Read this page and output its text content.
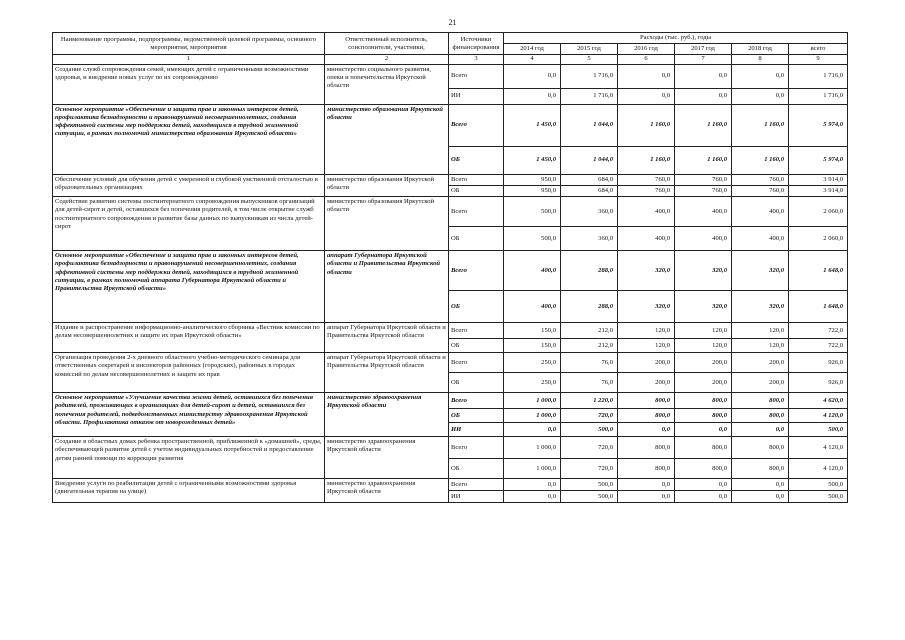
21
Наименование программы, подпрограммы, ведомственной целевой программы, основного мероприятия, мероприятия	Ответственный исполнитель, соисполнители, участники,	Источники финансирования	Расходы (тыс. руб.), годы					
			2014 год	2015 год	2016 год	2017 год	2018 год	всего
1	2	3	4	5	6	7	8	9
Создание служб сопровождения семей, имеющих детей с ограниченными возможностями здоровья, и внедрение новых услуг по их сопровождению	министерство социального развития, опеки и попечительства Иркутской области	Всего	0,0	1 716,0	0,0	0,0	0,0	1 716,0
		ИИ	0,0	1 716,0	0,0	0,0	0,0	1 716,0
Основное мероприятие «Обеспечение и защита прав и законных интересов детей, профилактика безнадзорности и правонарушений несовершеннолетних, создания эффективной системы мер поддержки детей, находящихся в трудной жизненной ситуации, в рамках полномочий министерства образования Иркутской области»	министерство образования Иркутской области	Всего	1 450,0	1 044,0	1 160,0	1 160,0	1 160,0	5 974,0
		ОБ	1 450,0	1 044,0	1 160,0	1 160,0	1 160,0	5 974,0
Обеспечение условий для обучения детей с умеренной и глубокой умственной отсталостью в образовательных организациях	министерство образования Иркутской области	Всего	950,0	684,0	760,0	760,0	760,0	3 914,0
		ОБ	950,0	684,0	760,0	760,0	760,0	3 914,0
Содействие развитию системы постинтернатного сопровождения выпускников организаций для детей-сирот и детей, оставшихся без попечения родителей, в том числе открытие служб постинтернатного сопровождения и развитие базы данных по выпускникам из числа детей-сирот	министерство образования Иркутской области	Всего	500,0	360,0	400,0	400,0	400,0	2 060,0
		ОБ	500,0	360,0	400,0	400,0	400,0	2 060,0
Основное мероприятие «Обеспечение и защита прав и законных интересов детей, профилактика безнадзорности и правонарушений несовершеннолетних, создания эффективной системы мер поддержки детей, находящихся в трудной жизненной ситуации, в рамках полномочий аппарата Губернатора Иркутской области и Правительства Иркутской области»	аппарат Губернатора Иркутской области и Правительства Иркутской области	Всего	400,0	288,0	320,0	320,0	320,0	1 648,0
		ОБ	400,0	288,0	320,0	320,0	320,0	1 648,0
Издание и распространение информационно-аналитического сборника «Вестник комиссии по делам несовершеннолетних и защите их прав Иркутской области»	аппарат Губернатора Иркутской области и Правительства Иркутской области	Всего	150,0	212,0	120,0	120,0	120,0	722,0
		ОБ	150,0	212,0	120,0	120,0	120,0	722,0
Организация проведения 2-х дневного областного учебно-методического семинара для ответственных секретарей и инспекторов районных (городских), районных в городах комиссий по делам несовершеннолетних и защите их прав	аппарат Губернатора Иркутской области и Правительства Иркутской области	Всего	250,0	76,0	200,0	200,0	200,0	926,0
		ОБ	250,0	76,0	200,0	200,0	200,0	926,0
Основное мероприятие «Улучшение качества жизни детей, оставшихся без попечения родителей, проживающих в организациях для детей-сирот и детей, оставшихся без попечения родителей, подведомственных министерству здравоохранения Иркутской области. Профилактика отказов от новорожденных детей»	министерство здравоохранения Иркутской области	Всего	1 000,0	1 220,0	800,0	800,0	800,0	4 620,0
		ОБ	1 000,0	720,0	800,0	800,0	800,0	4 120,0
		ИИ	0,0	500,0	0,0	0,0	0,0	500,0
Создание в областных домах ребенка пространственной, приближенной к «домашней», среды, обеспечивающей развитие детей с учетом индивидуальных потребностей и предоставление детям ранней помощи по коррекции развития	министерство здравоохранения Иркутской области	Всего	1 000,0	720,0	800,0	800,0	800,0	4 120,0
		ОБ	1 000,0	720,0	800,0	800,0	800,0	4 120,0
Внедрение услуги по реабилитации детей с ограниченными возможностями здоровья (двигательная терапия на улице)	министерство здравоохранения Иркутской области	Всего	0,0	500,0	0,0	0,0	0,0	500,0
		ИИ	0,0	500,0	0,0	0,0	0,0	500,0
